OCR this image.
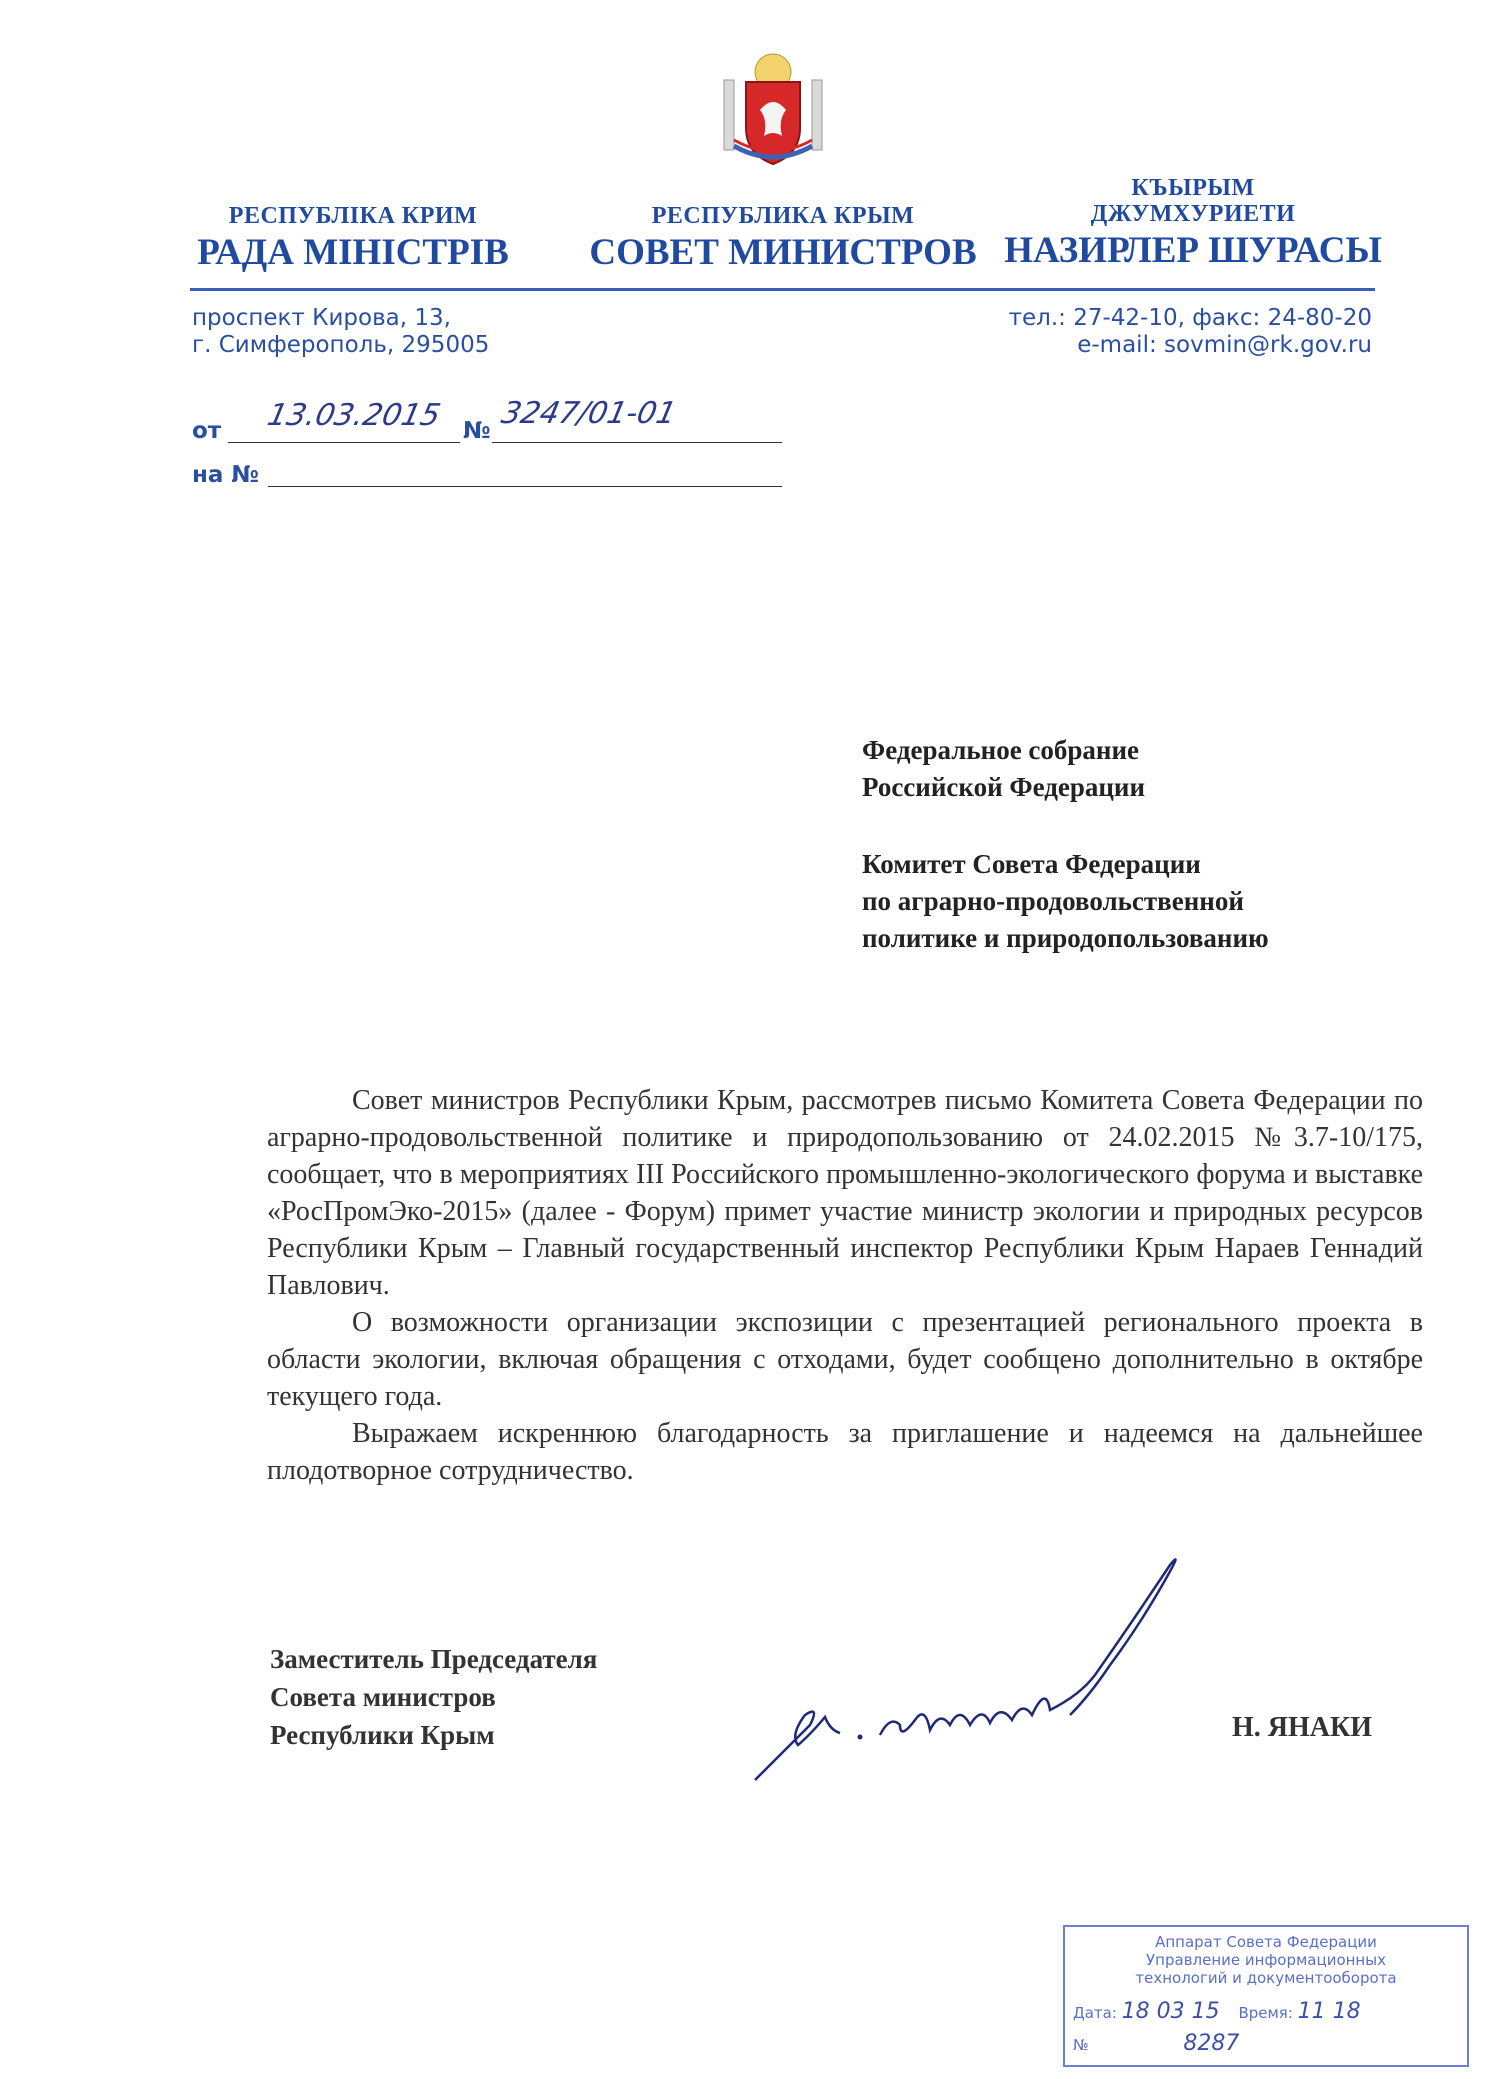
РЕСПУБЛІКА КРИМ
РАДА МІНІСТРІВ
РЕСПУБЛИКА КРЫМ
СОВЕТ МИНИСТРОВ
КЪЫРЫМ
ДЖУМХУРИЕТИ
НАЗИРЛЕР ШУРАСЫ
проспект Кирова, 13,
г. Симферополь, 295005
тел.: 27-42-10, факс: 24-80-20
e-mail: sovmin@rk.gov.ru
от 13.03.2015 № 3247/01-01
на №
Федеральное собрание
Российской Федерации
Комитет Совета Федерации
по аграрно-продовольственной
политике и природопользованию

Совет министров Республики Крым, рассмотрев письмо Комитета Совета Федерации по аграрно-продовольственной политике и природопользованию от 24.02.2015 №3.7-10/175, сообщает, что в мероприятиях III Российского промышленно-экологического форума и выставке «РосПромЭко-2015» (далее - Форум) примет участие министр экологии и природных ресурсов Республики Крым – Главный государственный инспектор Республики Крым Нараев Геннадий Павлович.

О возможности организации экспозиции с презентацией регионального проекта в области экологии, включая обращения с отходами, будет сообщено дополнительно в октябре текущего года.

Выражаем искреннюю благодарность за приглашение и надеемся на дальнейшее плодотворное сотрудничество.

Заместитель Председателя
Совета министров
Республики Крым	Н. ЯНАКИ
Аппарат Совета Федерации
Управление информационных
технологий и документооборота
Дата: 18 03 15 Время: 11 18
№	8287
